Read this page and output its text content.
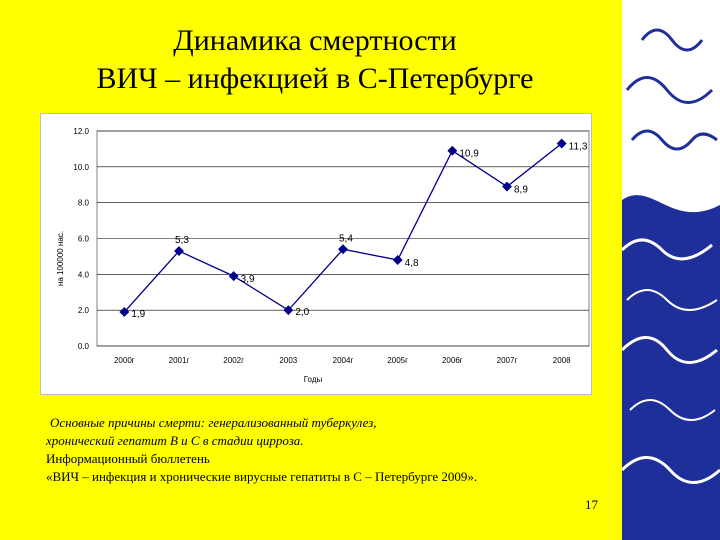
Динамика смертности
ВИЧ – инфекцией в С-Петербурге
0.0
2.0
4.0
6.0
8.0
10.0
12.0
2000г	2001г	2002г	2003	2004г	2005г	2006г	2007г	2008
Годы
на 100000 нас.
1,9
5,3
3,9
2,0
5,4
4,8
10,9
8,9
11,3
Основные причины смерти: генерализованный туберкулез,
хронический гепатит В и С в стадии цирроза.
Информационный бюллетень
«ВИЧ – инфекция и хронические вирусные гепатиты в С – Петербурге 2009».
17
